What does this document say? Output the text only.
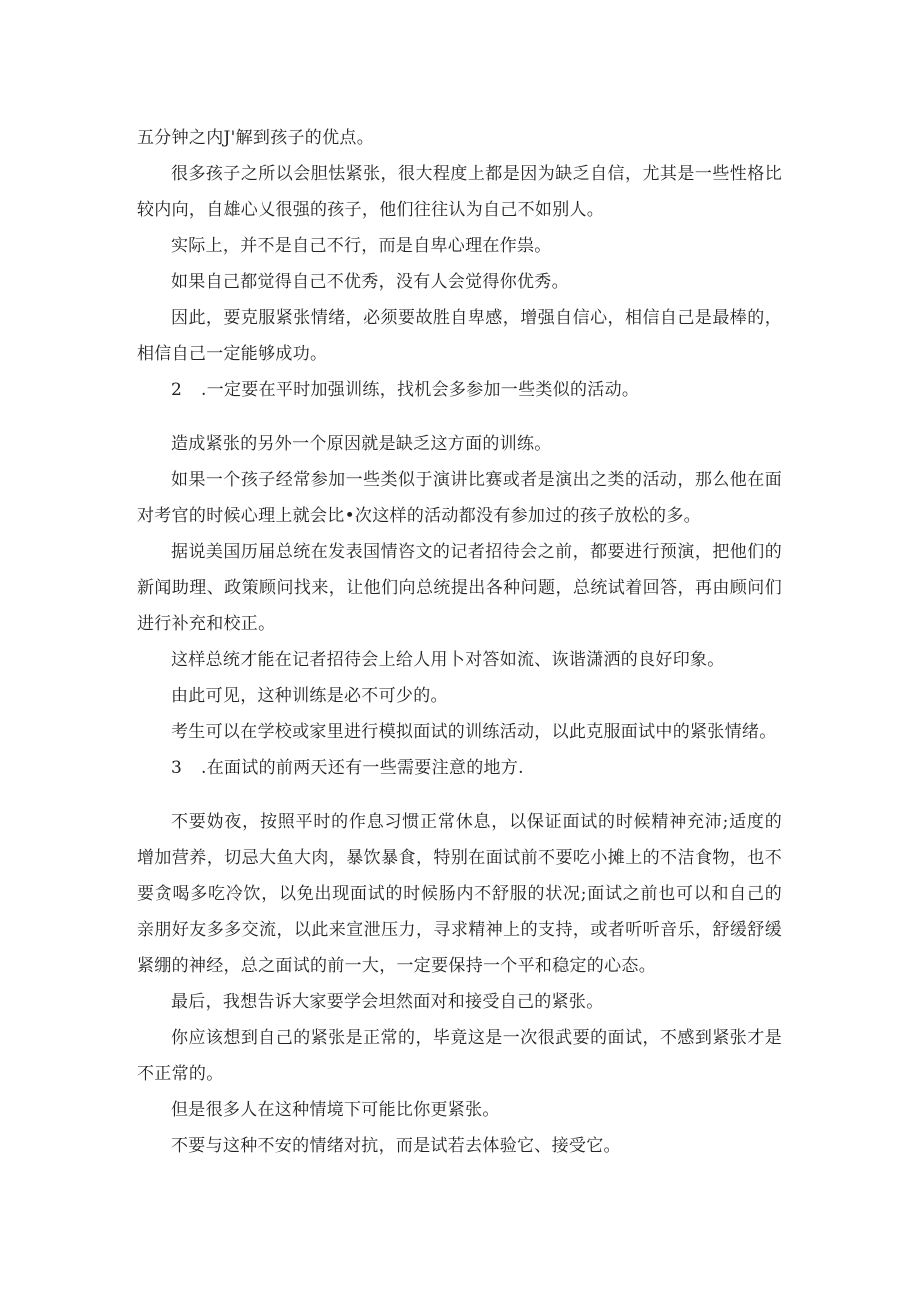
五分钟之内J'解到孩子的优点。

很多孩子之所以会胆怯紧张，很大程度上都是因为缺乏自信，尤其是一些性格比较内向，自雄心乂很强的孩子，他们往往认为自己不如别人。

实际上，并不是自己不行，而是自卑心理在作祟。

如果自己都觉得自己不优秀，没有人会觉得你优秀。

因此，要克服紧张情绪，必须要故胜自卑感，增强自信心，相信自己是最棒的，相信自己一定能够成功。

2 .一定要在平时加强训练，找机会多参加一些类似的活动。

造成紧张的另外一个原因就是缺乏这方面的训练。

如果一个孩子经常参加一些类似于演讲比赛或者是演出之类的活动，那么他在面对考官的时候心理上就会比•次这样的活动都没有参加过的孩子放松的多。

据说美国历届总统在发表国情咨文的记者招待会之前，都要进行预演，把他们的新闻助理、政策顾问找来，让他们向总统提出各种问题，总统试着回答，再由顾问们进行补充和校正。

这样总统才能在记者招待会上给人用卜对答如流、诙谐潇洒的良好印象。

由此可见，这种训练是必不可少的。

考生可以在学校或家里进行模拟面试的训练活动，以此克服面试中的紧张情绪。

3 .在面试的前两天还有一些需要注意的地方.

不要妫夜，按照平时的作息习惯正常休息，以保证面试的时候精神充沛;适度的增加营养，切忌大鱼大肉，暴饮暴食，特别在面试前不要吃小摊上的不洁食物，也不要贪喝多吃冷饮，以免出现面试的时候肠内不舒服的状况;面试之前也可以和自己的亲朋好友多多交流，以此来宣泄压力，寻求精神上的支持，或者听听音乐，舒缓舒缓紧绷的神经，总之面试的前一大，一定要保持一个平和稳定的心态。

最后，我想告诉大家要学会坦然面对和接受自己的紧张。

你应该想到自己的紧张是正常的，毕竟这是一次很武要的面试，不感到紧张才是不正常的。

但是很多人在这种情境下可能比你更紧张。

不要与这种不安的情绪对抗，而是试若去体验它、接受它。
